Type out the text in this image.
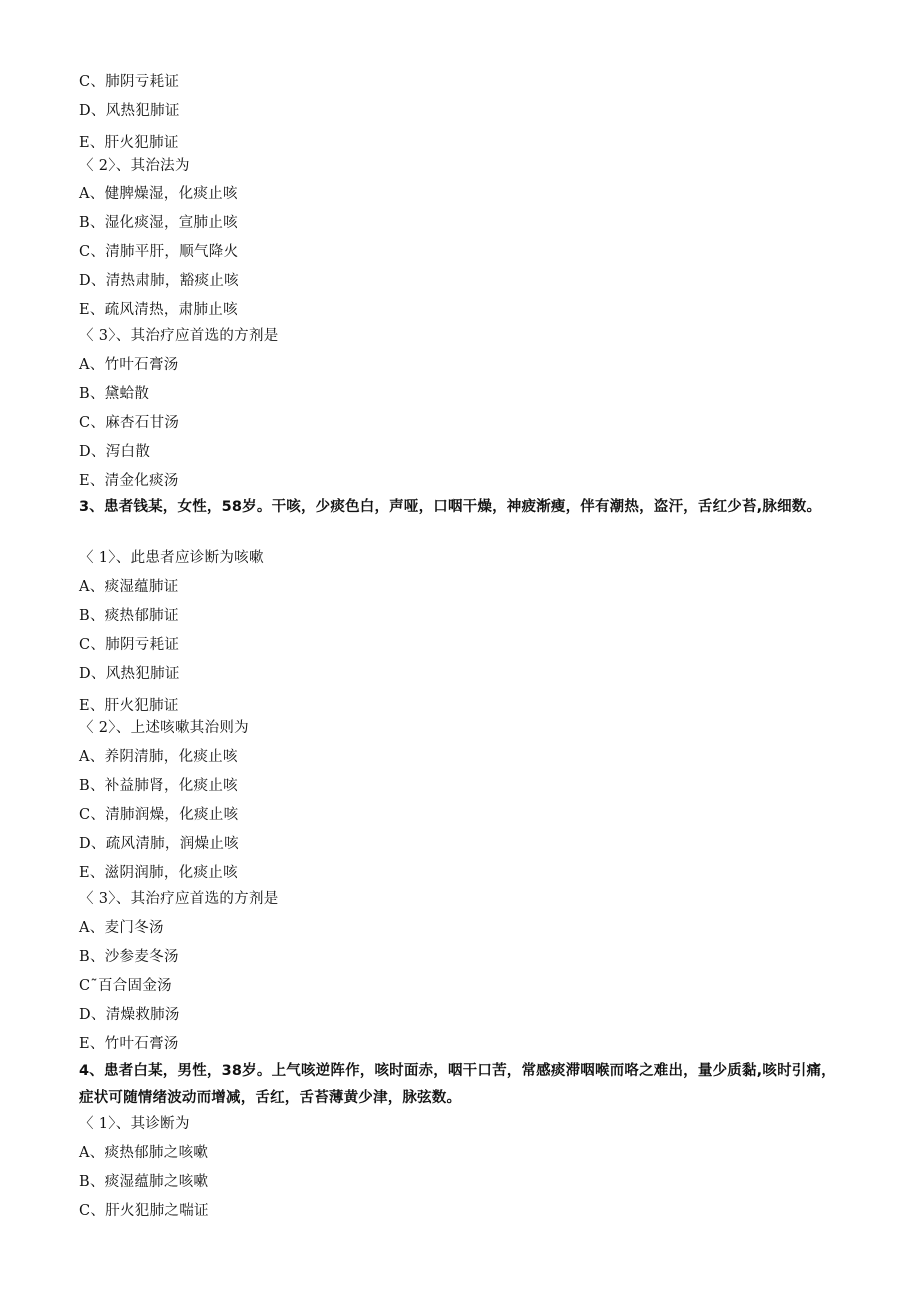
C、肺阴亏耗证
D、风热犯肺证
E、肝火犯肺证
〈 2〉、其治法为
A、健脾燥湿，化痰止咳
B、湿化痰湿，宣肺止咳
C、清肺平肝，顺气降火
D、清热肃肺，豁痰止咳
E、疏风清热，肃肺止咳
〈 3〉、其治疗应首选的方剂是
A、竹叶石膏汤
B、黛蛤散
C、麻杏石甘汤
D、泻白散
E、清金化痰汤
3、患者钱某，女性，58岁。干咳，少痰色白，声哑，口咽干燥，神疲渐瘦，伴有潮热，盗汗，舌红少苔,脉细数。
〈 1〉、此患者应诊断为咳嗽
A、痰湿蕴肺证
B、痰热郁肺证
C、肺阴亏耗证
D、风热犯肺证
E、肝火犯肺证
〈 2〉、上述咳嗽其治则为
A、养阴清肺，化痰止咳
B、补益肺肾，化痰止咳
C、清肺润燥，化痰止咳
D、疏风清肺，润燥止咳
E、滋阴润肺，化痰止咳
〈 3〉、其治疗应首选的方剂是
A、麦门冬汤
B、沙参麦冬汤
C˜百合固金汤
D、清燥救肺汤
E、竹叶石膏汤
4、患者白某，男性，38岁。上气咳逆阵作，咳时面赤，咽干口苦，常感痰滞咽喉而咯之难出，量少质黏,咳时引痛，症状可随情绪波动而增减，舌红，舌苔薄黄少津，脉弦数。
〈 1〉、其诊断为
A、痰热郁肺之咳嗽
B、痰湿蕴肺之咳嗽
C、肝火犯肺之喘证
